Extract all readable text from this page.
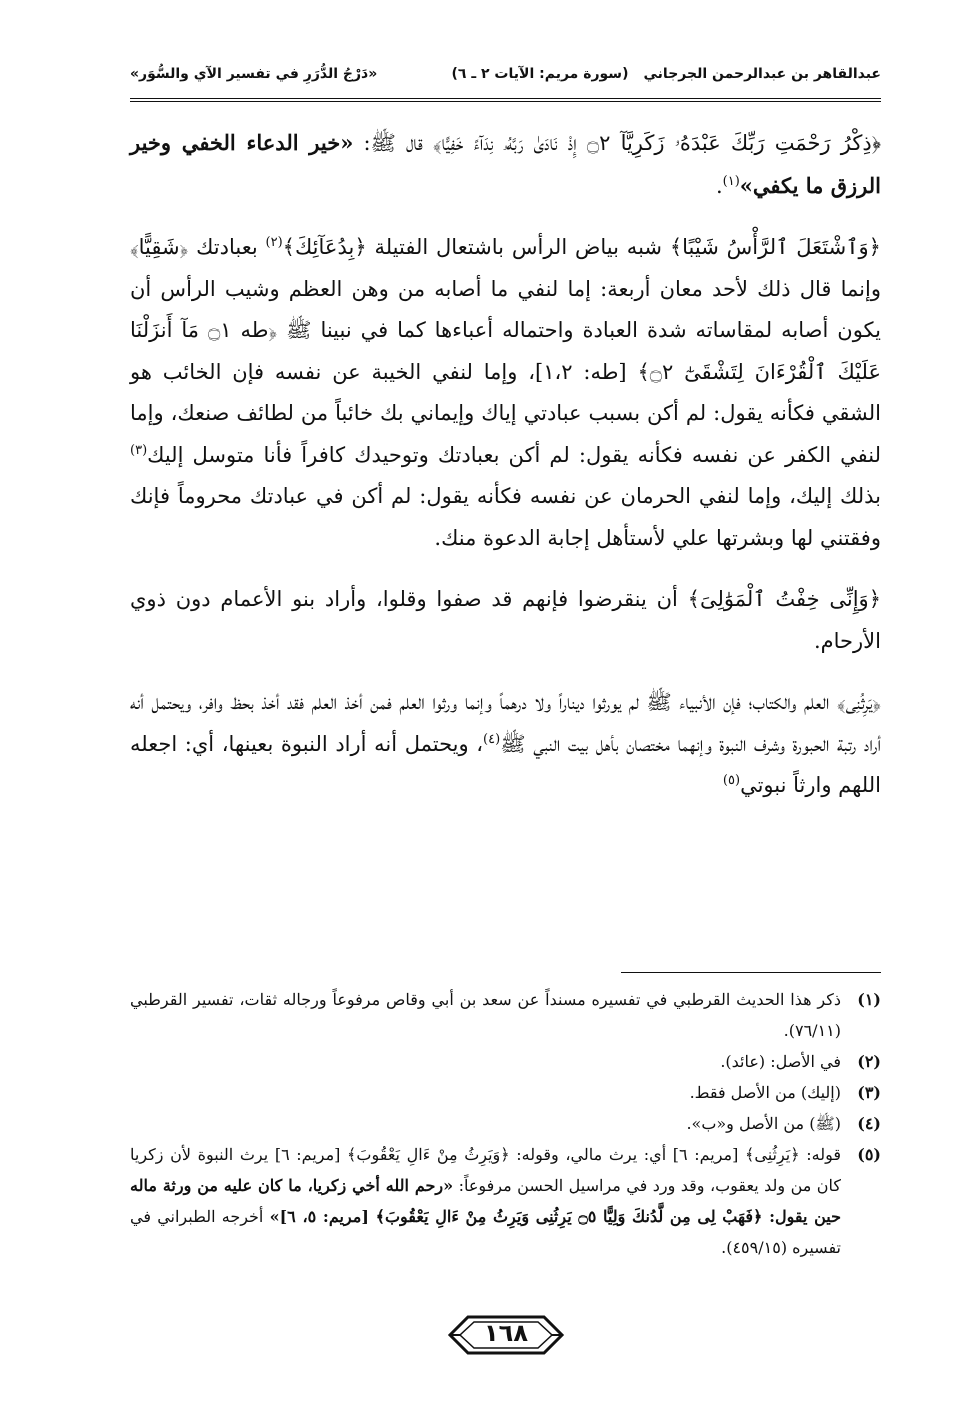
«دَرْجُ الدُّرَرِ في تفسير الآي والسُّوَر»	(سورة مريم: الآيات ٢ ـ ٦)	عبدالقاهر بن عبدالرحمن الجرجاني

﴿ذِكْرُ رَحْمَتِ رَبِّكَ عَبْدَهُۥ زَكَرِيَّآ ۝٢ إِذْ نَادَىٰ رَبَّهُۥ نِدَآءً خَفِيًّا﴾ قال ﷺ: «خير الدعاء الخفي وخير الرزق ما يكفي»$^{(١)}$.

﴿وَٱشْتَعَلَ ٱلرَّأْسُ شَيْبًا﴾ شبه بياض الرأس باشتعال الفتيلة ﴿بِدُعَآئِكَ﴾$^{(٢)}$ بعبادتك ﴿شَقِيًّا﴾ وإنما قال ذلك لأحد معان أربعة: إما لنفي ما أصابه من وهن العظم وشيب الرأس أن يكون أصابه لمقاساته شدة العبادة واحتماله أعباءها كما في نبينا ﷺ ﴿طه ۝١ مَآ أَنزَلْنَا عَلَيْكَ ٱلْقُرْءَانَ لِتَشْقَىٰٓ ۝٢﴾ [طه: ١،٢]، وإما لنفي الخيبة عن نفسه فإن الخائب هو الشقي فكأنه يقول: لم أكن بسبب عبادتي إياك وإيماني بك خائباً من لطائف صنعك، وإما لنفي الكفر عن نفسه فكأنه يقول: لم أكن بعبادتك وتوحيدك كافراً فأنا متوسل إليك$^{(٣)}$ بذلك إليك، وإما لنفي الحرمان عن نفسه فكأنه يقول: لم أكن في عبادتك محروماً فإنك وفقتني لها وبشرتها علي لأستأهل إجابة الدعوة منك.

﴿وَإِنِّى خِفْتُ ٱلْمَوَٰلِىَ﴾ أن ينقرضوا فإنهم قد صفوا وقلوا، وأراد بنو الأعمام دون ذوي الأرحام.

﴿يَرِثُنِى﴾ العلم والكتاب؛ فإن الأنبياء ﷺ لم يورثوا ديناراً ولا درهماً وإنما ورثوا العلم فمن أخذ العلم فقد أخذ بحظ وافر، ويحتمل أنه أراد رتبة الحبورة وشرف النبوة وإنهما مختصان بأهل بيت النبي ﷺ$^{(٤)}$، ويحتمل أنه أراد النبوة بعينها، أي: اجعله اللهم وارثاً نبوتي$^{(٥)}$

(١)
ذكر هذا الحديث القرطبي في تفسيره مسنداً عن سعد بن أبي وقاص مرفوعاً ورجاله ثقات، تفسير القرطبي (٧٦/١١).
(٢)
في الأصل: (عائد).
(٣)
(إليك) من الأصل فقط.
(٤)
(ﷺ) من الأصل و«ب».
(٥)
قوله: ﴿يَرِثُنِى﴾ [مريم: ٦] أي: يرث مالي، وقوله: ﴿وَيَرِثُ مِنْ ءَالِ يَعْقُوبَ﴾ [مريم: ٦] يرث النبوة لأن زكريا كان من ولد يعقوب، وقد ورد في مراسيل الحسن مرفوعاً: «رحم الله أخي زكريا، ما كان عليه من ورثة ماله حين يقول: ﴿فَهَبْ لِى مِن لَّدُنكَ وَلِيًّا ۝٥ يَرِثُنِى وَيَرِثُ مِنْ ءَالِ يَعْقُوبَ﴾ [مريم: ٥، ٦]» أخرجه الطبراني في تفسيره (٤٥٩/١٥).
١٦٨
